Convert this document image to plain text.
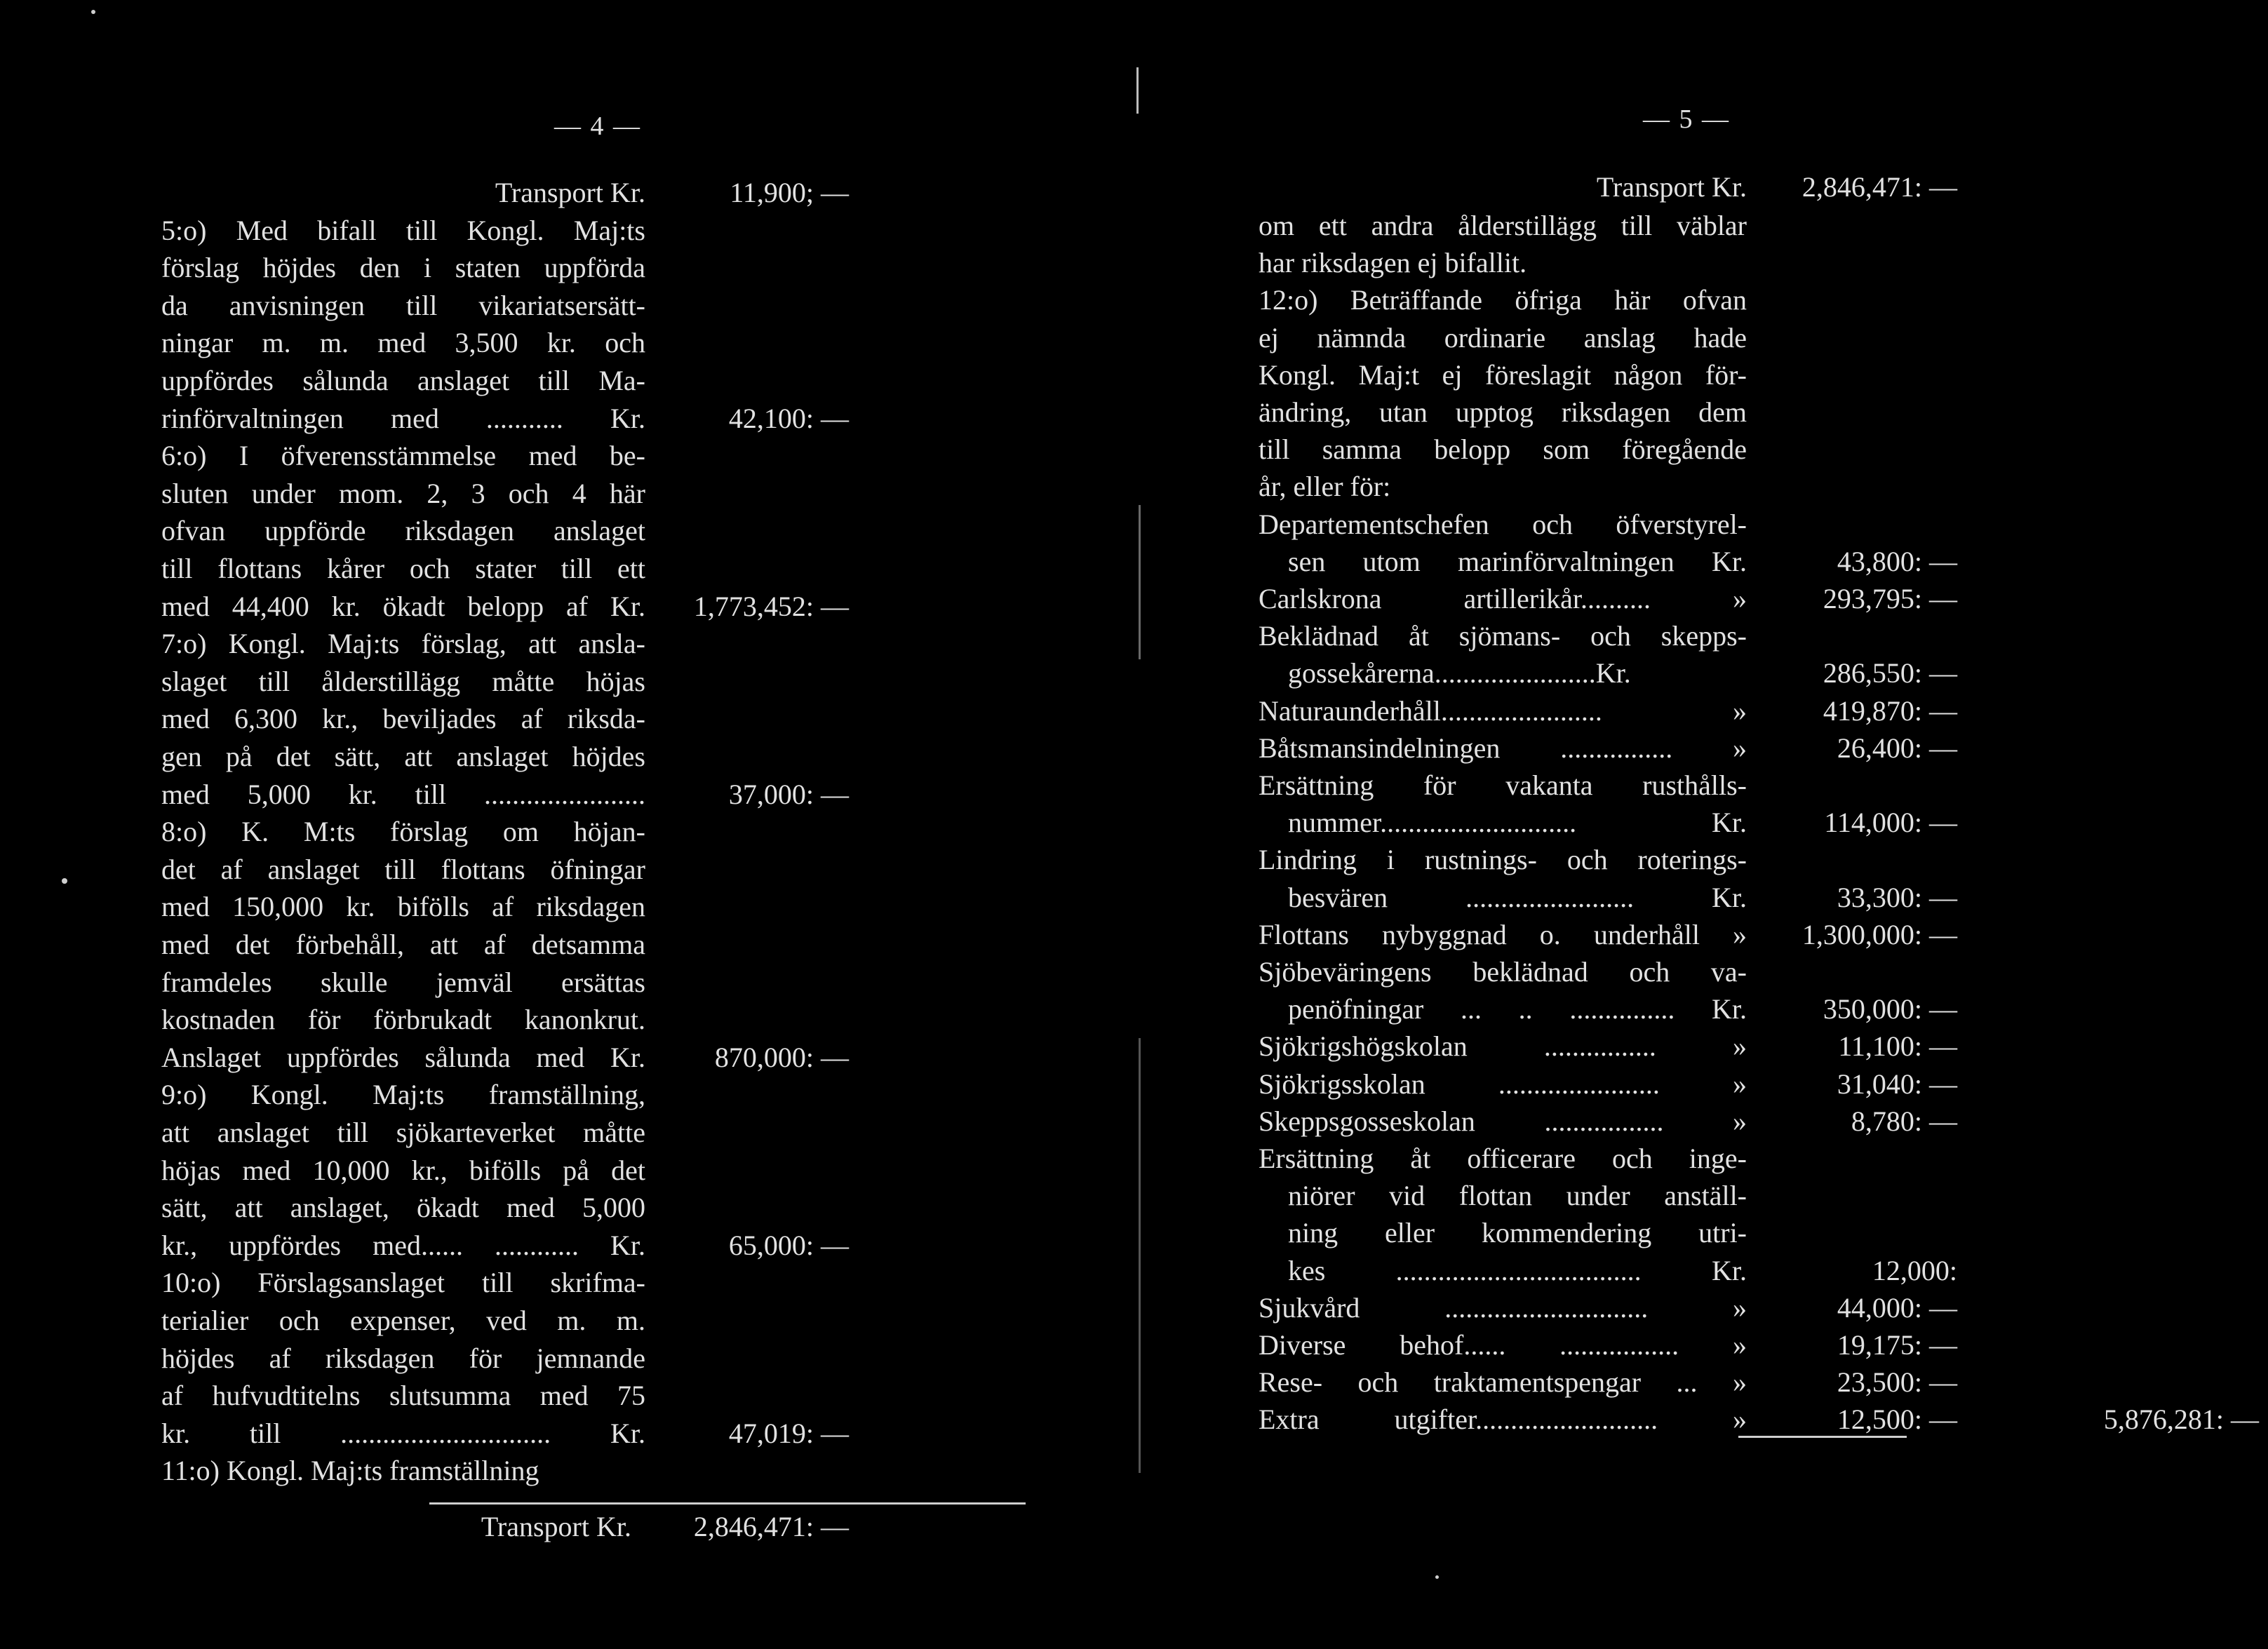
— 4 —
Transport Kr.	11,900; —
5:o) Med bifall till Kongl. Maj:ts
förslag höjdes den i staten uppförda
da anvisningen till vikariatsersätt-
ningar m. m. med 3,500 kr. och
uppfördes sålunda anslaget till Ma-
rinförvaltningen med ........... Kr.	42,100: —
6:o) I öfverensstämmelse med be-
sluten under mom. 2, 3 och 4 här
ofvan uppförde riksdagen anslaget
till flottans kårer och stater till ett
med 44,400 kr. ökadt belopp af Kr.	1,773,452: —
7:o) Kongl. Maj:ts förslag, att ansla-
slaget till ålderstillägg måtte höjas
med 6,300 kr., beviljades af riksda-
gen på det sätt, att anslaget höjdes
med 5,000 kr. till .......................	37,000: —
8:o) K. M:ts förslag om höjan-
det af anslaget till flottans öfningar
med 150,000 kr. bifölls af riksdagen
med det förbehåll, att af detsamma
framdeles skulle jemväl ersättas
kostnaden för förbrukadt kanonkrut.
Anslaget uppfördes sålunda med Kr.	870,000: —
9:o) Kongl. Maj:ts framställning,
att anslaget till sjökarteverket måtte
höjas med 10,000 kr., bifölls på det
sätt, att anslaget, ökadt med 5,000
kr., uppfördes med...... ............ Kr.	65,000: —
10:o) Förslagsanslaget till skrifma-
terialier och expenser, ved m. m.
höjdes af riksdagen för jemnande
af hufvudtitelns slutsumma med 75
kr. till .............................. Kr.	47,019: —
11:o) Kongl. Maj:ts framställning
Transport Kr.	2,846,471: —
— 5 —
Transport Kr.	2,846,471: —
om ett andra ålderstillägg till väblar
har riksdagen ej bifallit.
12:o) Beträffande öfriga här ofvan
ej nämnda ordinarie anslag hade
Kongl. Maj:t ej föreslagit någon för-
ändring, utan upptog riksdagen dem
till samma belopp som föregående
år, eller för:
Departementschefen och öfverstyrel-
sen utom marinförvaltningen Kr.	43,800: —
Carlskrona artillerikår.......... »	293,795: —
Beklädnad åt sjömans- och skepps-
gossekårerna.......................Kr.	286,550: —
Naturaunderhåll....................... »	419,870: —
Båtsmansindelningen ................ »	26,400: —
Ersättning för vakanta rusthålls-
nummer............................ Kr.	114,000: —
Lindring i rustnings- och roterings-
besvären ........................ Kr.	33,300: —
Flottans nybyggnad o. underhåll »	1,300,000: —
Sjöbeväringens beklädnad och va-
penöfningar ... .. ............... Kr.	350,000: —
Sjökrigshögskolan ................ »	11,100: —
Sjökrigsskolan ....................... »	31,040: —
Skeppsgosseskolan ................. »	8,780: —
Ersättning åt officerare och inge-
niörer vid flottan under anställ-
ning eller kommendering utri-
kes ................................... Kr.	12,000:
Sjukvård ............................. »	44,000: —
Diverse behof...... ................. »	19,175: —
Rese- och traktamentspengar ... »	23,500: —
Extra utgifter.......................... »	12,500: —	5,876,281: —
